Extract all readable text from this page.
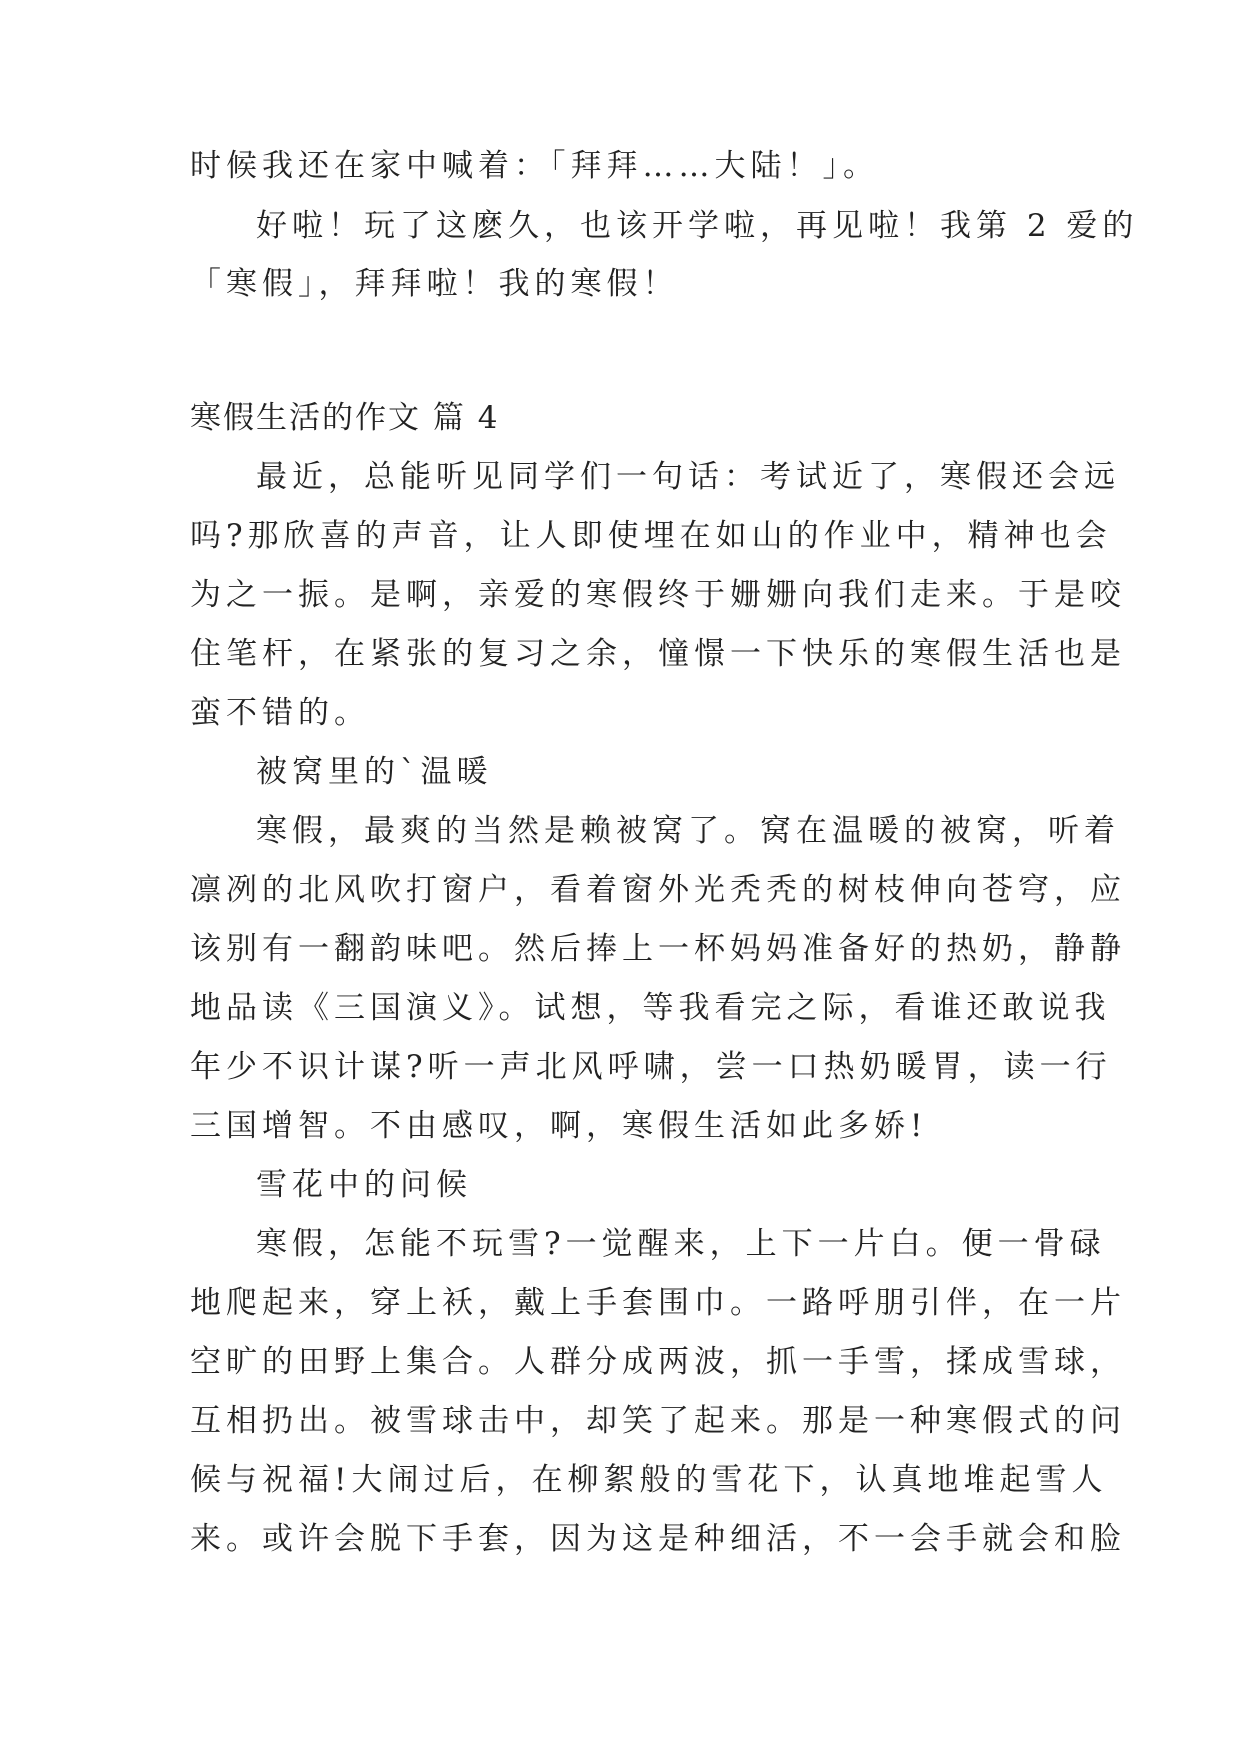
时候我还在家中喊着：「拜拜……大陆！」。
好啦！玩了这麽久，也该开学啦，再见啦！我第 2 爱的
「寒假」，拜拜啦！我的寒假！
寒假生活的作文 篇 4
最近，总能听见同学们一句话：考试近了，寒假还会远
吗?那欣喜的声音，让人即使埋在如山的作业中，精神也会
为之一振。是啊，亲爱的寒假终于姗姗向我们走来。于是咬
住笔杆，在紧张的复习之余，憧憬一下快乐的寒假生活也是
蛮不错的。
被窝里的`温暖
寒假，最爽的当然是赖被窝了。窝在温暖的被窝，听着
凛冽的北风吹打窗户，看着窗外光秃秃的树枝伸向苍穹，应
该别有一翻韵味吧。然后捧上一杯妈妈准备好的热奶，静静
地品读《三国演义》。试想，等我看完之际，看谁还敢说我
年少不识计谋?听一声北风呼啸，尝一口热奶暖胃，读一行
三国增智。不由感叹，啊，寒假生活如此多娇!
雪花中的问候
寒假，怎能不玩雪?一觉醒来，上下一片白。便一骨碌
地爬起来，穿上袄，戴上手套围巾。一路呼朋引伴，在一片
空旷的田野上集合。人群分成两波，抓一手雪，揉成雪球，
互相扔出。被雪球击中，却笑了起来。那是一种寒假式的问
候与祝福!大闹过后，在柳絮般的雪花下，认真地堆起雪人
来。或许会脱下手套，因为这是种细活，不一会手就会和脸
